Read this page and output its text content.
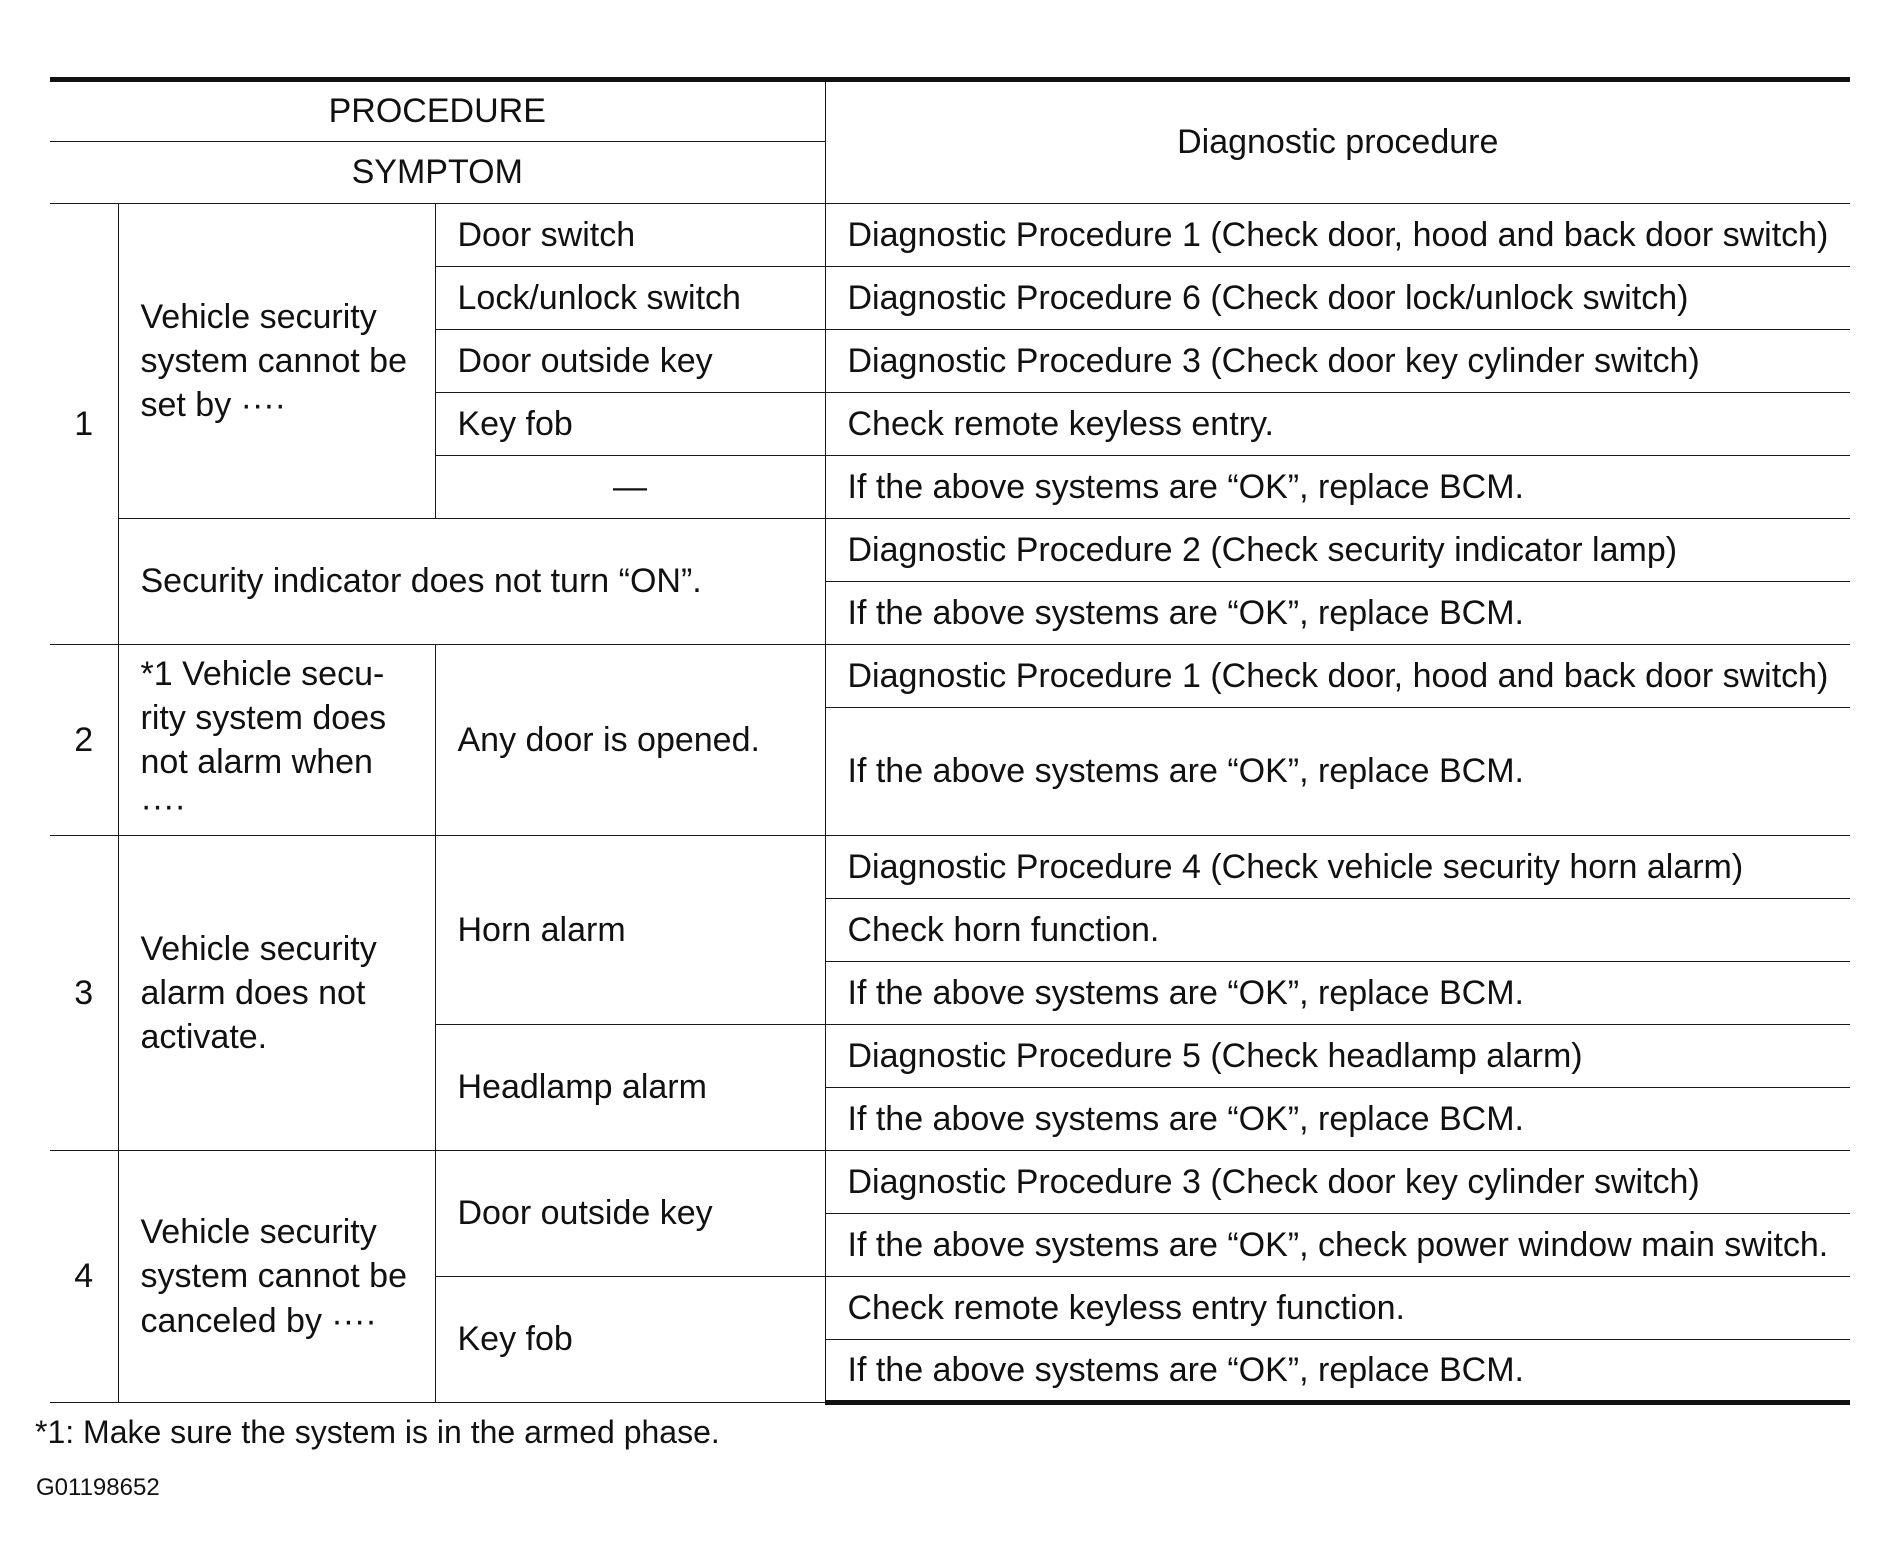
PROCEDURE			Diagnostic procedure
SYMPTOM			
1	Vehicle security system cannot be set by ····	Door switch	Diagnostic Procedure 1 (Check door, hood and back door switch)
		Lock/unlock switch	Diagnostic Procedure 6 (Check door lock/unlock switch)
		Door outside key	Diagnostic Procedure 3 (Check door key cylinder switch)
		Key fob	Check remote keyless entry.
		—	If the above systems are “OK”, replace BCM.
	Security indicator does not turn “ON”.		Diagnostic Procedure 2 (Check security indicator lamp)
			If the above systems are “OK”, replace BCM.
2	*1 Vehicle secu-rity system does not alarm when ····	Any door is opened.	Diagnostic Procedure 1 (Check door, hood and back door switch)
			If the above systems are “OK”, replace BCM.
3	Vehicle security alarm does not activate.	Horn alarm	Diagnostic Procedure 4 (Check vehicle security horn alarm)
			Check horn function.
			If the above systems are “OK”, replace BCM.
		Headlamp alarm	Diagnostic Procedure 5 (Check headlamp alarm)
			If the above systems are “OK”, replace BCM.
4	Vehicle security system cannot be canceled by ····	Door outside key	Diagnostic Procedure 3 (Check door key cylinder switch)
			If the above systems are “OK”, check power window main switch.
		Key fob	Check remote keyless entry function.
			If the above systems are “OK”, replace BCM.
*1: Make sure the system is in the armed phase.
G01198652
